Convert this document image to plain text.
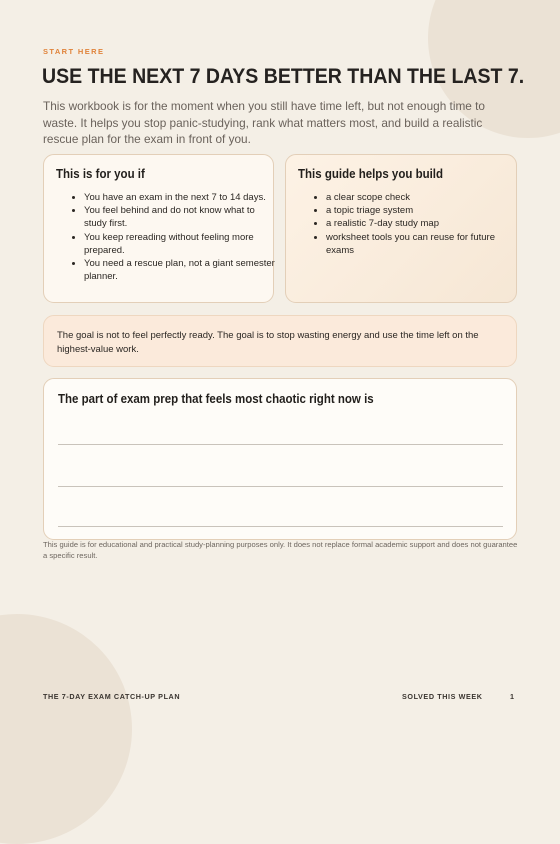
START HERE
USE THE NEXT 7 DAYS BETTER THAN THE LAST 7.

This workbook is for the moment when you still have time left, but not enough time to waste. It helps you stop panic-studying, rank what matters most, and build a realistic rescue plan for the exam in front of you.

This is for you if
• You have an exam in the next 7 to 14 days.
• You feel behind and do not know what to study first.
• You keep rereading without feeling more prepared.
• You need a rescue plan, not a giant semester planner.
This guide helps you build
• a clear scope check
• a topic triage system
• a realistic 7-day study map
• worksheet tools you can reuse for future exams
The goal is not to feel perfectly ready. The goal is to stop wasting energy and use the time left on the highest-value work.
The part of exam prep that feels most chaotic right now is

This guide is for educational and practical study-planning purposes only. It does not replace formal academic support and does not guarantee a specific result.

THE 7-DAY EXAM CATCH-UP PLAN	SOLVED THIS WEEK	1
